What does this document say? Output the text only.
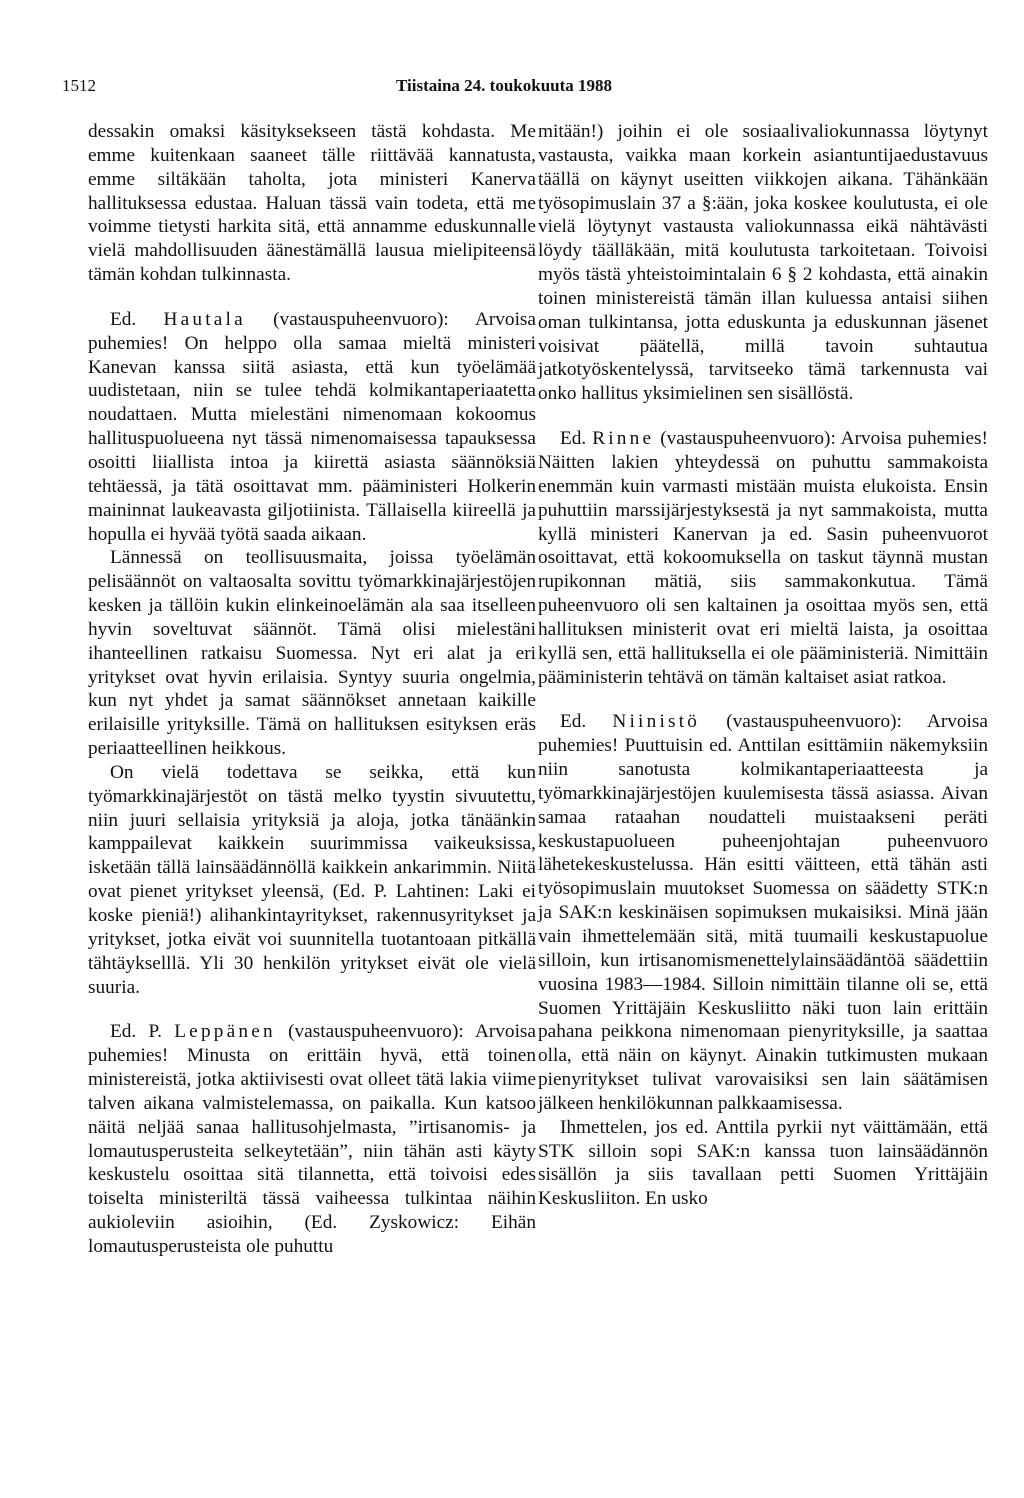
1512	Tiistaina 24. toukokuuta 1988

dessakin omaksi käsityksekseen tästä kohdasta. Me emme kuitenkaan saaneet tälle riittävää kannatusta, emme siltäkään taholta, jota ministeri Kanerva hallituksessa edustaa. Haluan tässä vain todeta, että me voimme tietysti harkita sitä, että annamme eduskunnalle vielä mahdollisuuden äänestämällä lausua mielipiteensä tämän kohdan tulkinnasta.

Ed. Hautala (vastauspuheenvuoro): Arvoisa puhemies! On helppo olla samaa mieltä ministeri Kanevan kanssa siitä asiasta, että kun työelämää uudistetaan, niin se tulee tehdä kolmikantaperiaatetta noudattaen. Mutta mielestäni nimenomaan kokoomus hallituspuolueena nyt tässä nimenomaisessa tapauksessa osoitti liiallista intoa ja kiirettä asiasta säännöksiä tehtäessä, ja tätä osoittavat mm. pääministeri Holkerin maininnat laukeavasta giljotiinista. Tällaisella kiireellä ja hopulla ei hyvää työtä saada aikaan.

Lännessä on teollisuusmaita, joissa työelämän pelisäännöt on valtaosalta sovittu työmarkkinajärjestöjen kesken ja tällöin kukin elinkeinoelämän ala saa itselleen hyvin soveltuvat säännöt. Tämä olisi mielestäni ihanteellinen ratkaisu Suomessa. Nyt eri alat ja eri yritykset ovat hyvin erilaisia. Syntyy suuria ongelmia, kun nyt yhdet ja samat säännökset annetaan kaikille erilaisille yrityksille. Tämä on hallituksen esityksen eräs periaatteellinen heikkous.

On vielä todettava se seikka, että kun työmarkkinajärjestöt on tästä melko tyystin sivuutettu, niin juuri sellaisia yrityksiä ja aloja, jotka tänäänkin kamppailevat kaikkein suurimmissa vaikeuksissa, isketään tällä lainsäädännöllä kaikkein ankarimmin. Niitä ovat pienet yritykset yleensä, (Ed. P. Lahtinen: Laki ei koske pieniä!) alihankintayritykset, rakennusyritykset ja yritykset, jotka eivät voi suunnitella tuotantoaan pitkällä tähtäykselllä. Yli 30 henkilön yritykset eivät ole vielä suuria.

Ed. P. Leppänen (vastauspuheenvuoro): Arvoisa puhemies! Minusta on erittäin hyvä, että toinen ministereistä, jotka aktiivisesti ovat olleet tätä lakia viime talven aikana valmistelemassa, on paikalla. Kun katsoo näitä neljää sanaa hallitusohjelmasta, ”irtisanomis- ja lomautusperusteita selkeytetään”, niin tähän asti käyty keskustelu osoittaa sitä tilannetta, että toivoisi edes toiselta ministeriltä tässä vaiheessa tulkintaa näihin aukioleviin asioihin, (Ed. Zyskowicz: Eihän lomautusperusteista ole puhuttu

mitään!) joihin ei ole sosiaalivaliokunnassa löytynyt vastausta, vaikka maan korkein asiantuntijaedustavuus täällä on käynyt useitten viikkojen aikana. Tähänkään työsopimuslain 37 a §:ään, joka koskee koulutusta, ei ole vielä löytynyt vastausta valiokunnassa eikä nähtävästi löydy täälläkään, mitä koulutusta tarkoitetaan. Toivoisi myös tästä yhteistoimintalain 6 § 2 kohdasta, että ainakin toinen ministereistä tämän illan kuluessa antaisi siihen oman tulkintansa, jotta eduskunta ja eduskunnan jäsenet voisivat päätellä, millä tavoin suhtautua jatkotyöskentelyssä, tarvitseeko tämä tarkennusta vai onko hallitus yksimielinen sen sisällöstä.

Ed. Rinne (vastauspuheenvuoro): Arvoisa puhemies! Näitten lakien yhteydessä on puhuttu sammakoista enemmän kuin varmasti mistään muista elukoista. Ensin puhuttiin marssijärjestyksestä ja nyt sammakoista, mutta kyllä ministeri Kanervan ja ed. Sasin puheenvuorot osoittavat, että kokoomuksella on taskut täynnä mustan rupikonnan mätiä, siis sammakonkutua. Tämä puheenvuoro oli sen kaltainen ja osoittaa myös sen, että hallituksen ministerit ovat eri mieltä laista, ja osoittaa kyllä sen, että hallituksella ei ole pääministeriä. Nimittäin pääministerin tehtävä on tämän kaltaiset asiat ratkoa.

Ed. Niinistö (vastauspuheenvuoro): Arvoisa puhemies! Puuttuisin ed. Anttilan esittämiin näkemyksiin niin sanotusta kolmikantaperiaatteesta ja työmarkkinajärjestöjen kuulemisesta tässä asiassa. Aivan samaa rataahan noudatteli muistaakseni peräti keskustapuolueen puheenjohtajan puheenvuoro lähetekeskustelussa. Hän esitti väitteen, että tähän asti työsopimuslain muutokset Suomessa on säädetty STK:n ja SAK:n keskinäisen sopimuksen mukaisiksi. Minä jään vain ihmettelemään sitä, mitä tuumaili keskustapuolue silloin, kun irtisanomismenettelylainsäädäntöä säädettiin vuosina 1983—1984. Silloin nimittäin tilanne oli se, että Suomen Yrittäjäin Keskusliitto näki tuon lain erittäin pahana peikkona nimenomaan pienyrityksille, ja saattaa olla, että näin on käynyt. Ainakin tutkimusten mukaan pienyritykset tulivat varovaisiksi sen lain säätämisen jälkeen henkilökunnan palkkaamisessa.

Ihmettelen, jos ed. Anttila pyrkii nyt väittämään, että STK silloin sopi SAK:n kanssa tuon lainsäädännön sisällön ja siis tavallaan petti Suomen Yrittäjäin Keskusliiton. En usko
